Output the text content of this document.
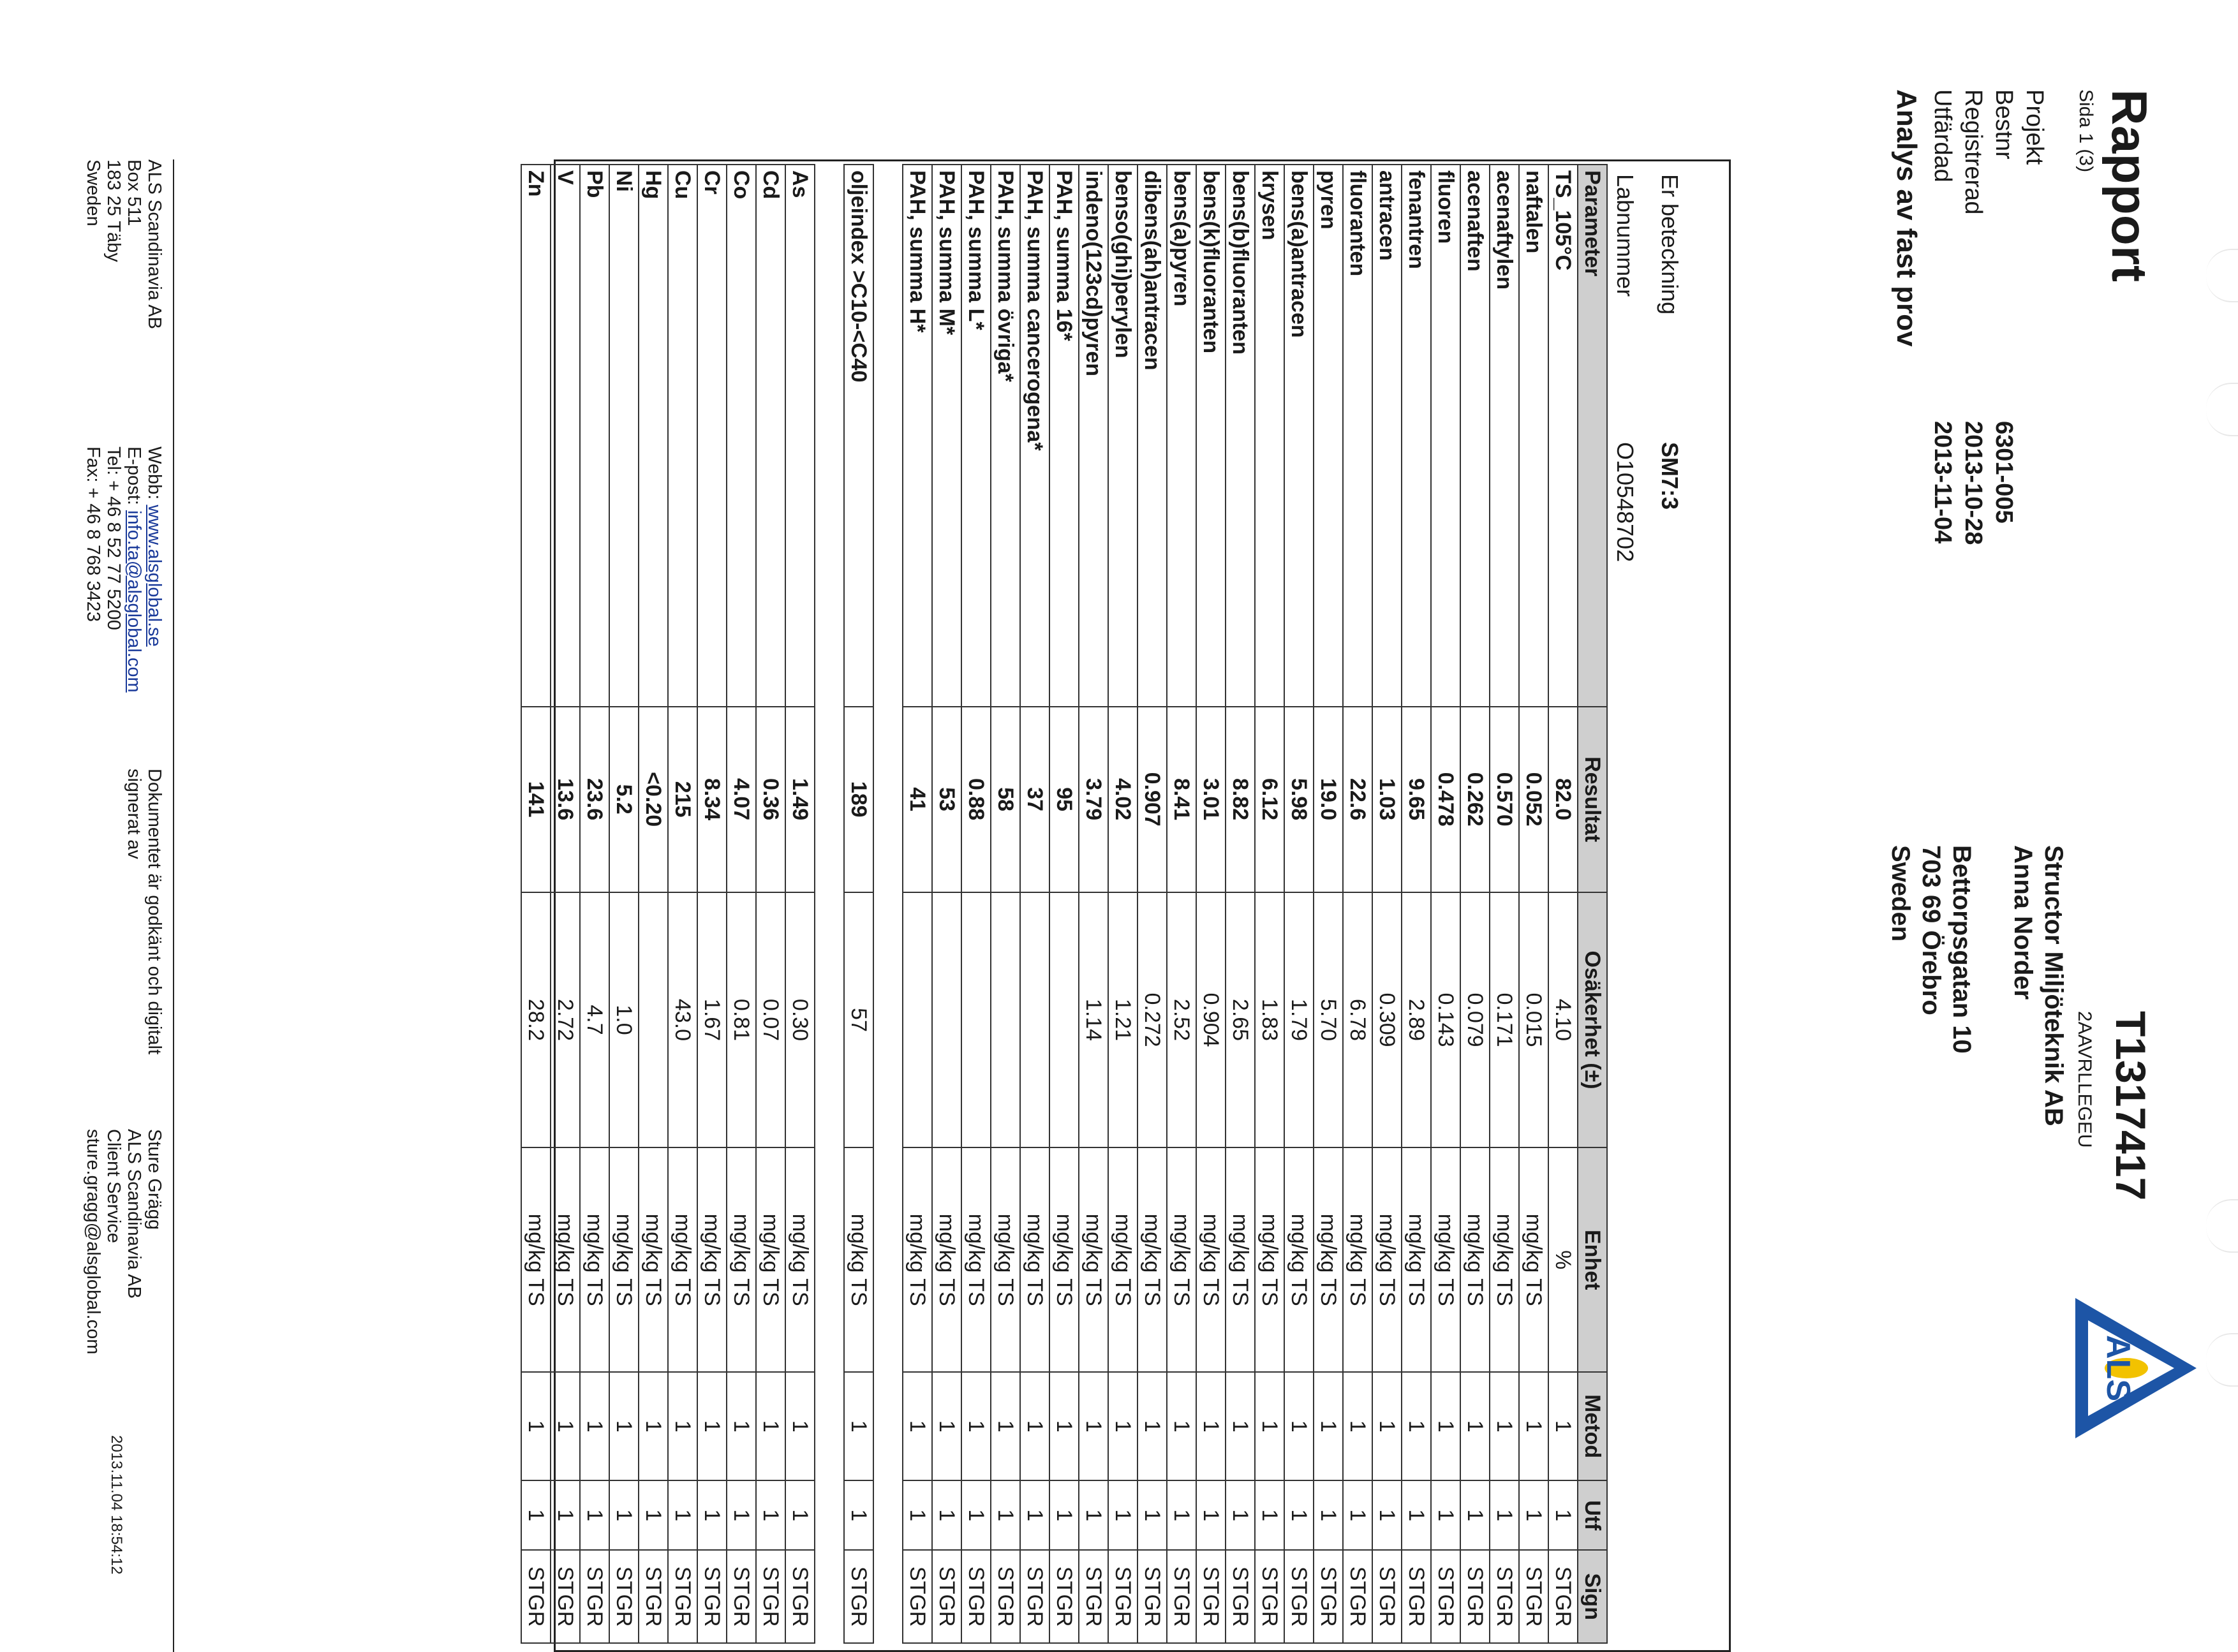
Rapport
Sida 1 (3)
T1317417
2AAVRLLEGEU
ALS
Projekt
Bestnr
6301-005
Registrerad
2013-10-28
Utfärdad
2013-11-04
Structor Miljöteknik AB
Anna Norder
Bettorpsgatan 10
703 69 Örebro
Sweden
Analys av fast prov
Er beteckning
SM7:3
Labnummer
O10548702
Parameter	Resultat	Osäkerhet (±)	Enhet	Metod	Utf	Sign
TS_105°C	82.0	4.10	%	1	1	STGR
naftalen	0.052	0.015	mg/kg TS	1	1	STGR
acenaftylen	0.570	0.171	mg/kg TS	1	1	STGR
acenaften	0.262	0.079	mg/kg TS	1	1	STGR
fluoren	0.478	0.143	mg/kg TS	1	1	STGR
fenantren	9.65	2.89	mg/kg TS	1	1	STGR
antracen	1.03	0.309	mg/kg TS	1	1	STGR
fluoranten	22.6	6.78	mg/kg TS	1	1	STGR
pyren	19.0	5.70	mg/kg TS	1	1	STGR
bens(a)antracen	5.98	1.79	mg/kg TS	1	1	STGR
krysen	6.12	1.83	mg/kg TS	1	1	STGR
bens(b)fluoranten	8.82	2.65	mg/kg TS	1	1	STGR
bens(k)fluoranten	3.01	0.904	mg/kg TS	1	1	STGR
bens(a)pyren	8.41	2.52	mg/kg TS	1	1	STGR
dibens(ah)antracen	0.907	0.272	mg/kg TS	1	1	STGR
benso(ghi)perylen	4.02	1.21	mg/kg TS	1	1	STGR
indeno(123cd)pyren	3.79	1.14	mg/kg TS	1	1	STGR
PAH, summa 16*	95		mg/kg TS	1	1	STGR
PAH, summa cancerogena*	37		mg/kg TS	1	1	STGR
PAH, summa övriga*	58		mg/kg TS	1	1	STGR
PAH, summa L*	0.88		mg/kg TS	1	1	STGR
PAH, summa M*	53		mg/kg TS	1	1	STGR
PAH, summa H*	41		mg/kg TS	1	1	STGR

oljeindex >C10-<C40	189	57	mg/kg TS	1	1	STGR

As	1.49	0.30	mg/kg TS	1	1	STGR
Cd	0.36	0.07	mg/kg TS	1	1	STGR
Co	4.07	0.81	mg/kg TS	1	1	STGR
Cr	8.34	1.67	mg/kg TS	1	1	STGR
Cu	215	43.0	mg/kg TS	1	1	STGR
Hg	<0.20		mg/kg TS	1	1	STGR
Ni	5.2	1.0	mg/kg TS	1	1	STGR
Pb	23.6	4.7	mg/kg TS	1	1	STGR
V	13.6	2.72	mg/kg TS	1	1	STGR
Zn	141	28.2	mg/kg TS	1	1	STGR
ALS Scandinavia AB
Box 511
183 25 Täby
Sweden
Webb: www.alsglobal.se
E-post: info.ta@alsglobal.com
Tel: + 46 8 52 77 5200
Fax: + 46 8 768 3423
Dokumentet är godkänt och digitalt
signerat av
Sture Grägg
ALS Scandinavia AB
Client Service
sture.gragg@alsglobal.com
2013.11.04 18:54:12
